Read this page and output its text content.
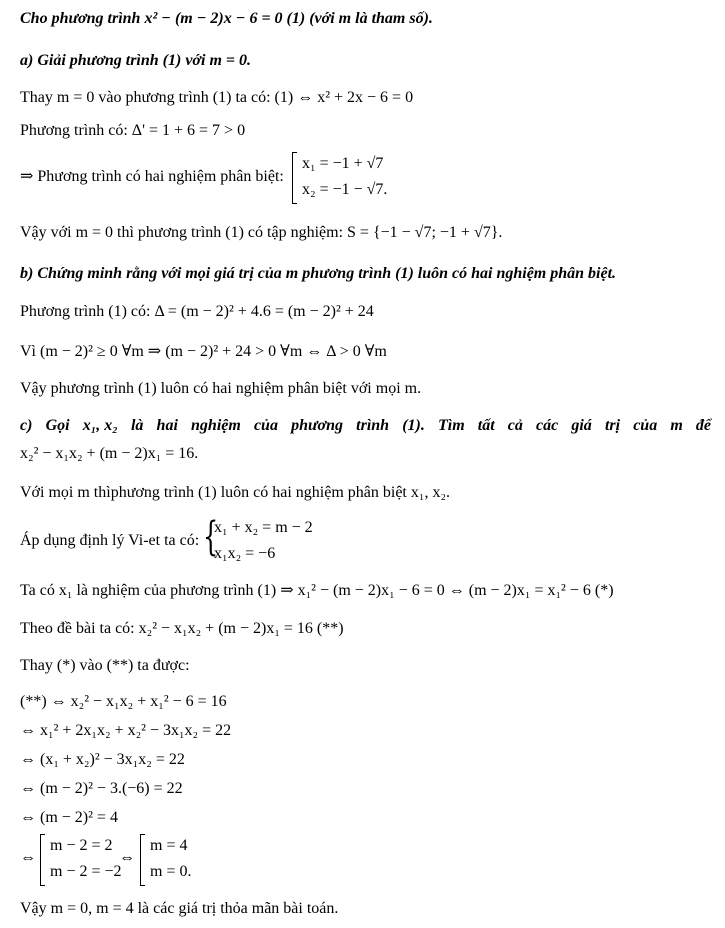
Cho phương trình x² − (m − 2)x − 6 = 0 (1) (với m là tham số).
a) Giải phương trình (1) với m = 0.
Thay m = 0 vào phương trình (1) ta có: (1) ⇔ x² + 2x − 6 = 0
Phương trình có: Δ' = 1 + 6 = 7 > 0
⇒ Phương trình có hai nghiệm phân biệt:
x₁ = −1 + √7
x₂ = −1 − √7.
Vậy với m = 0 thì phương trình (1) có tập nghiệm: S = {−1 − √7; −1 + √7}.
b) Chứng minh rằng với mọi giá trị của m phương trình (1) luôn có hai nghiệm phân biệt.
Phương trình (1) có: Δ = (m − 2)² + 4.6 = (m − 2)² + 24
Vì (m − 2)² ≥ 0 ∀m ⇒ (m − 2)² + 24 > 0 ∀m ⇔ Δ > 0 ∀m
Vậy phương trình (1) luôn có hai nghiệm phân biệt với mọi m.
c) Gọi x₁, x₂ là hai nghiệm của phương trình (1). Tìm tất cả các giá trị của m để
x₂² − x₁x₂ + (m − 2)x₁ = 16.
Với mọi m thìphương trình (1) luôn có hai nghiệm phân biệt x₁, x₂.
Áp dụng định lý Vi-et ta có: {
x₁ + x₂ = m − 2
x₁x₂ = −6
Ta có x₁ là nghiệm của phương trình (1) ⇒ x₁² − (m − 2)x₁ − 6 = 0 ⇔ (m − 2)x₁ = x₁² − 6 (*)
Theo đề bài ta có: x₂² − x₁x₂ + (m − 2)x₁ = 16 (**)
Thay (*) vào (**) ta được:
(**) ⇔ x₂² − x₁x₂ + x₁² − 6 = 16
⇔ x₁² + 2x₁x₂ + x₂² − 3x₁x₂ = 22
⇔ (x₁ + x₂)² − 3x₁x₂ = 22
⇔ (m − 2)² − 3.(−6) = 22
⇔ (m − 2)² = 4
⇔
m − 2 = 2
m − 2 = −2
⇔
m = 4
m = 0.
Vậy m = 0, m = 4 là các giá trị thỏa mãn bài toán.
